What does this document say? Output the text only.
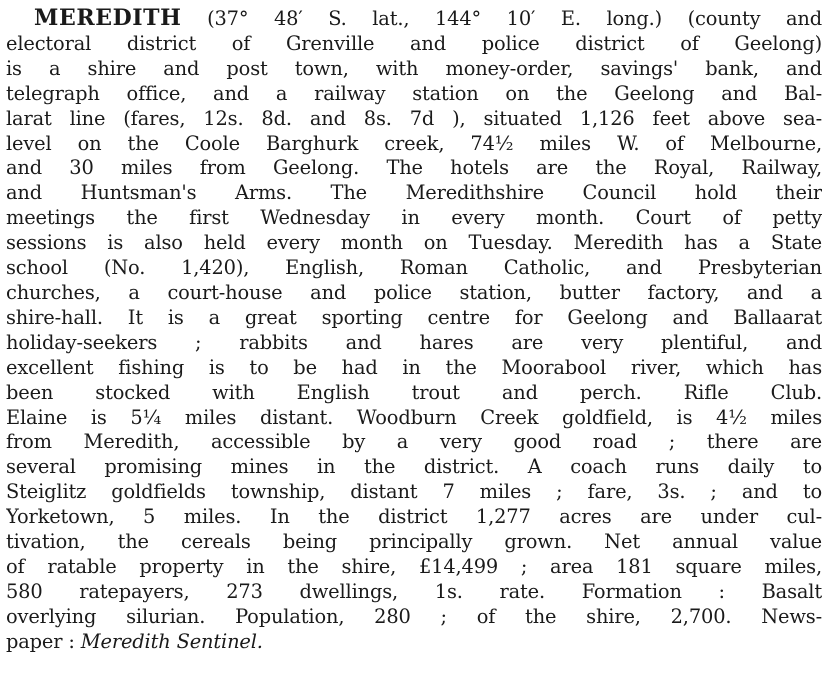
MEREDITH (37° 48′ S. lat., 144° 10′ E. long.) (county and
electoral district of Grenville and police district of Geelong)
is a shire and post town, with money-order, savings' bank, and
telegraph office, and a railway station on the Geelong and Bal-
larat line (fares, 12s. 8d. and 8s. 7d ), situated 1,126 feet above sea-
level on the Coole Barghurk creek, 74½ miles W. of Melbourne,
and 30 miles from Geelong. The hotels are the Royal, Railway,
and Huntsman's Arms. The Meredithshire Council hold their
meetings the first Wednesday in every month. Court of petty
sessions is also held every month on Tuesday. Meredith has a State
school (No. 1,420), English, Roman Catholic, and Presbyterian
churches, a court-house and police station, butter factory, and a
shire-hall. It is a great sporting centre for Geelong and Ballaarat
holiday-seekers ; rabbits and hares are very plentiful, and
excellent fishing is to be had in the Moorabool river, which has
been stocked with English trout and perch. Rifle Club.
Elaine is 5¼ miles distant. Woodburn Creek goldfield, is 4½ miles
from Meredith, accessible by a very good road ; there are
several promising mines in the district. A coach runs daily to
Steiglitz goldfields township, distant 7 miles ; fare, 3s. ; and to
Yorketown, 5 miles. In the district 1,277 acres are under cul-
tivation, the cereals being principally grown. Net annual value
of ratable property in the shire, £14,499 ; area 181 square miles,
580 ratepayers, 273 dwellings, 1s. rate. Formation : Basalt
overlying silurian. Population, 280 ; of the shire, 2,700. News-
paper : Meredith Sentinel.
